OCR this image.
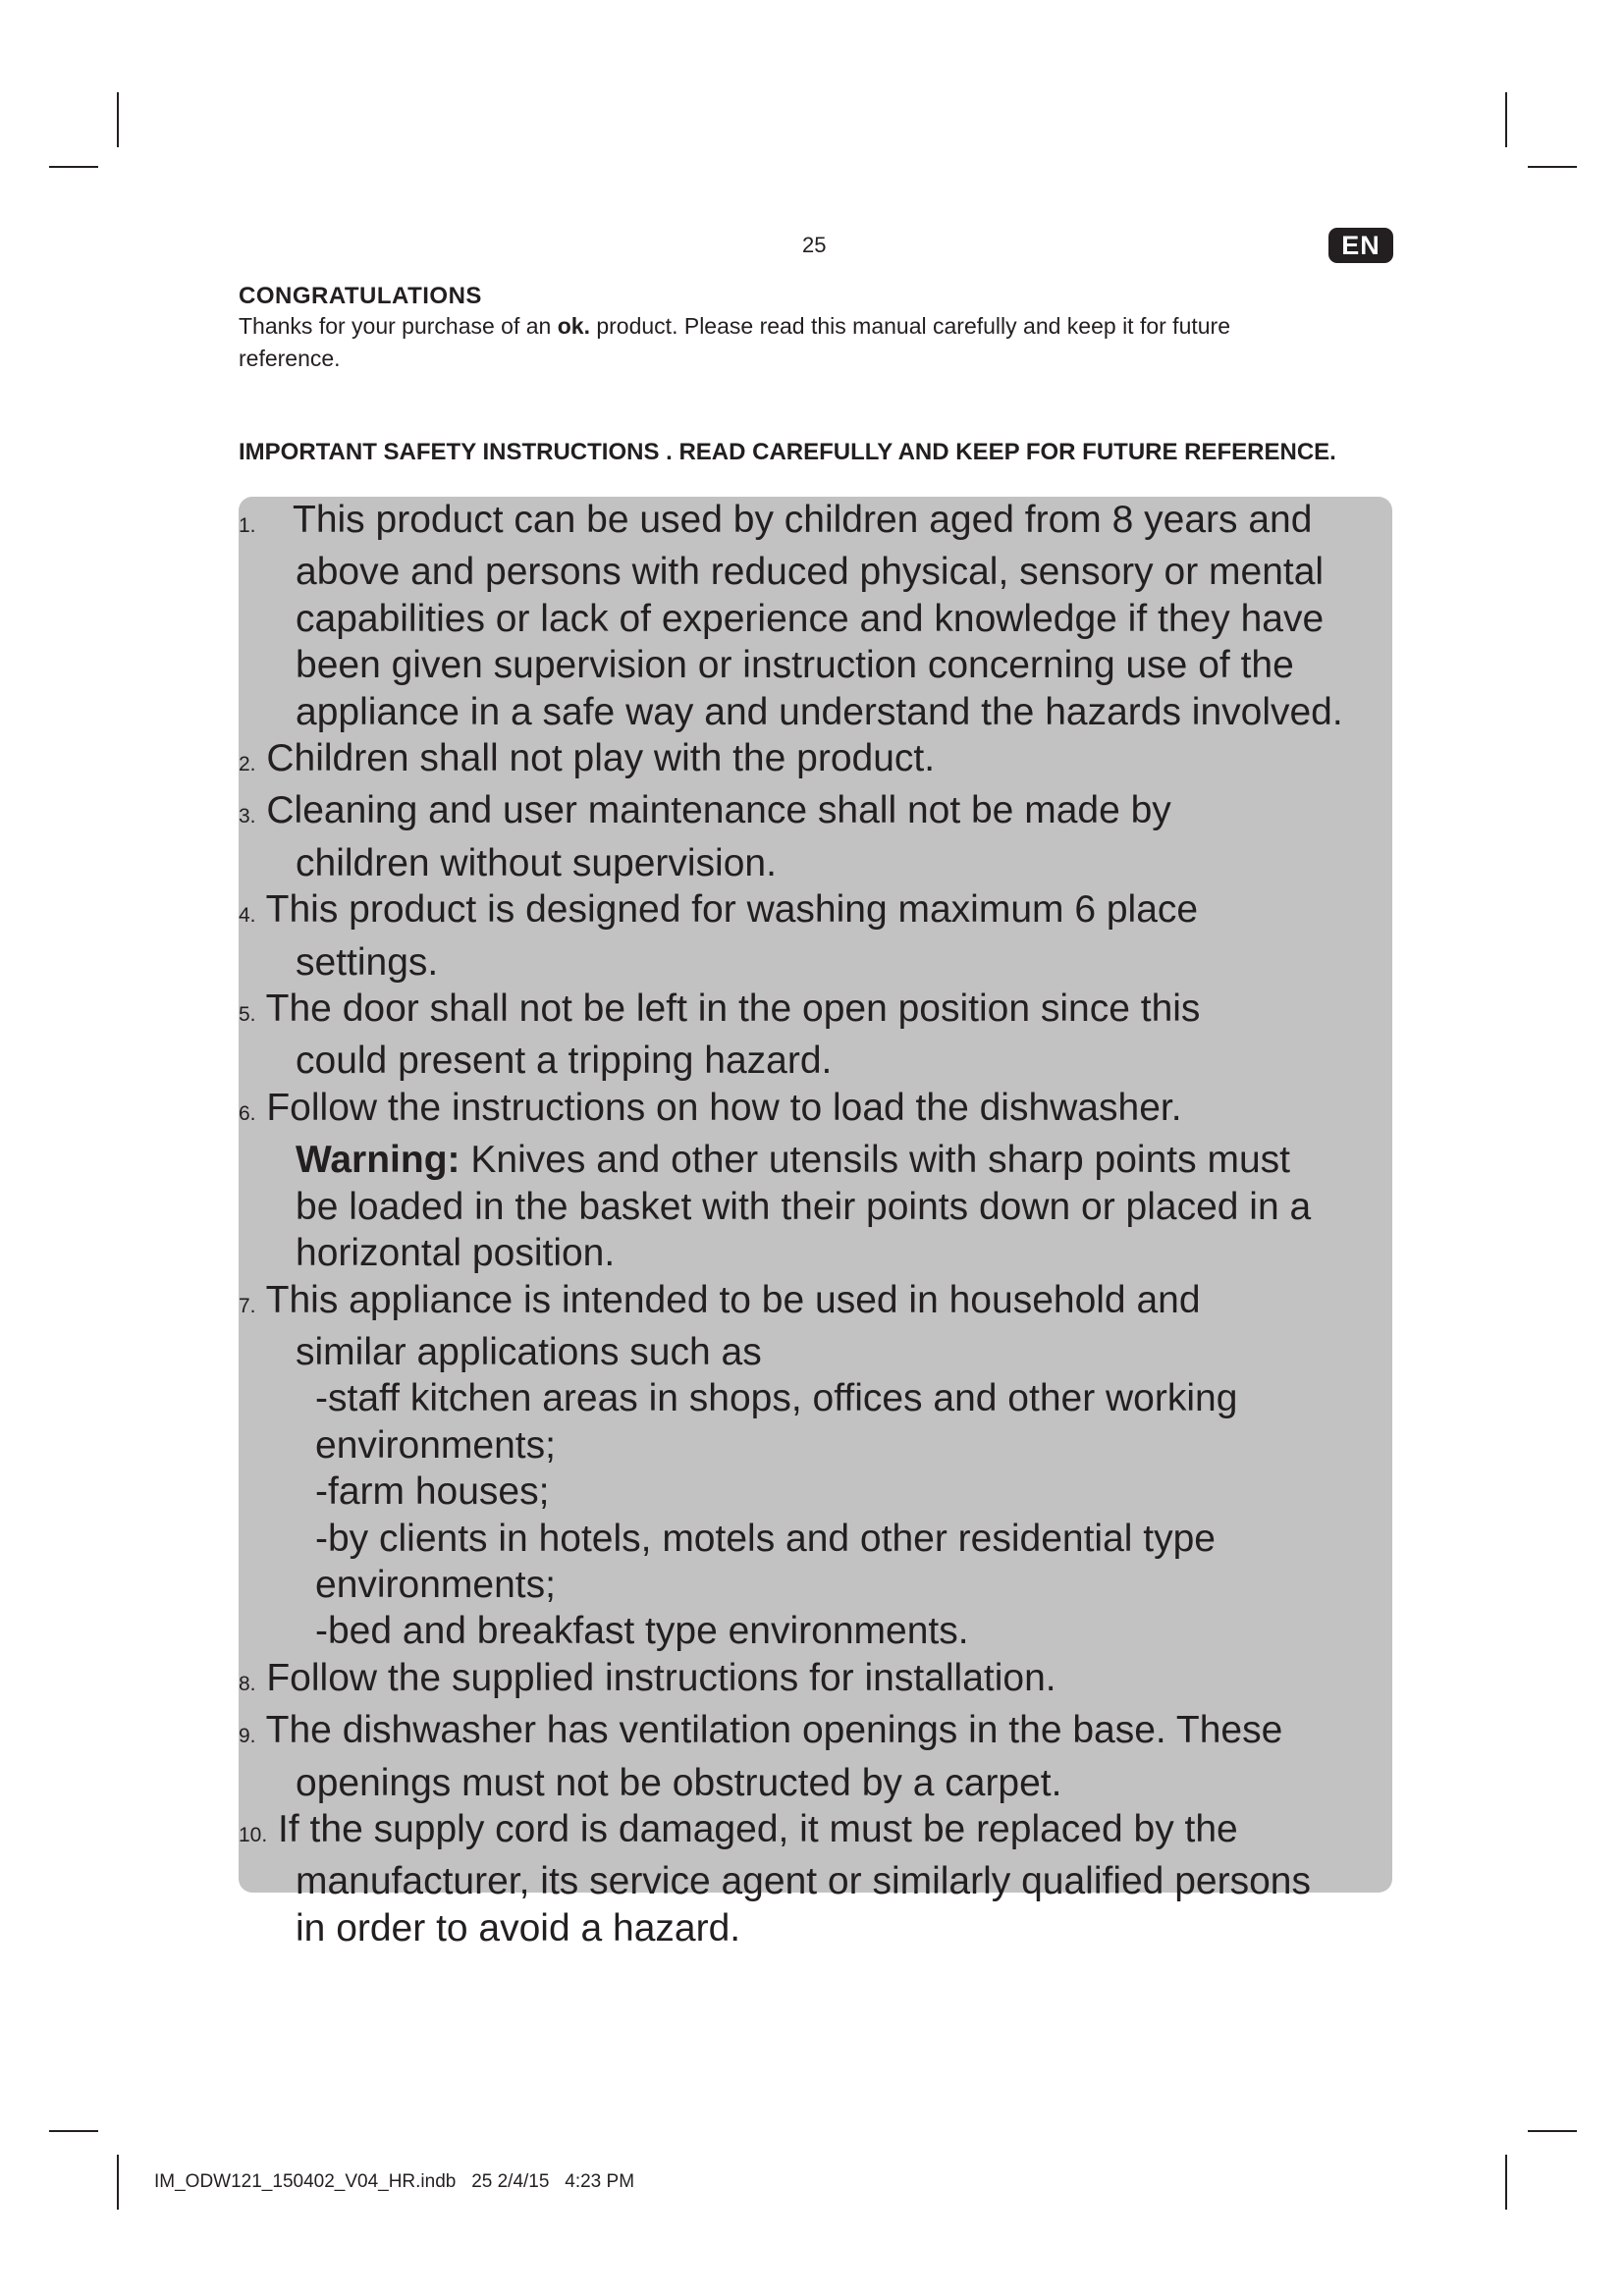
25	EN
CONGRATULATIONS
Thanks for your purchase of an ok. product. Please read this manual carefully and keep it for future
reference.
IMPORTANT SAFETY INSTRUCTIONS . READ CAREFULLY AND KEEP FOR FUTURE REFERENCE.
1. This product can be used by children aged from 8 years and
above and persons with reduced physical, sensory or mental
capabilities or lack of experience and knowledge if they have
been given supervision or instruction concerning use of the
appliance in a safe way and understand the hazards involved.
2. Children shall not play with the product.
3. Cleaning and user maintenance shall not be made by
children without supervision.
4. This product is designed for washing maximum 6 place
settings.
5. The door shall not be left in the open position since this
could present a tripping hazard.
6. Follow the instructions on how to load the dishwasher.
Warning: Knives and other utensils with sharp points must
be loaded in the basket with their points down or placed in a
horizontal position.
7. This appliance is intended to be used in household and
similar applications such as
-staff kitchen areas in shops, offices and other working
environments;
-farm houses;
-by clients in hotels, motels and other residential type
environments;
-bed and breakfast type environments.
8. Follow the supplied instructions for installation.
9. The dishwasher has ventilation openings in the base. These
openings must not be obstructed by a carpet.
10. If the supply cord is damaged, it must be replaced by the
manufacturer, its service agent or similarly qualified persons
in order to avoid a hazard.
IM_ODW121_150402_V04_HR.indb   25 2/4/15   4:23 PM
